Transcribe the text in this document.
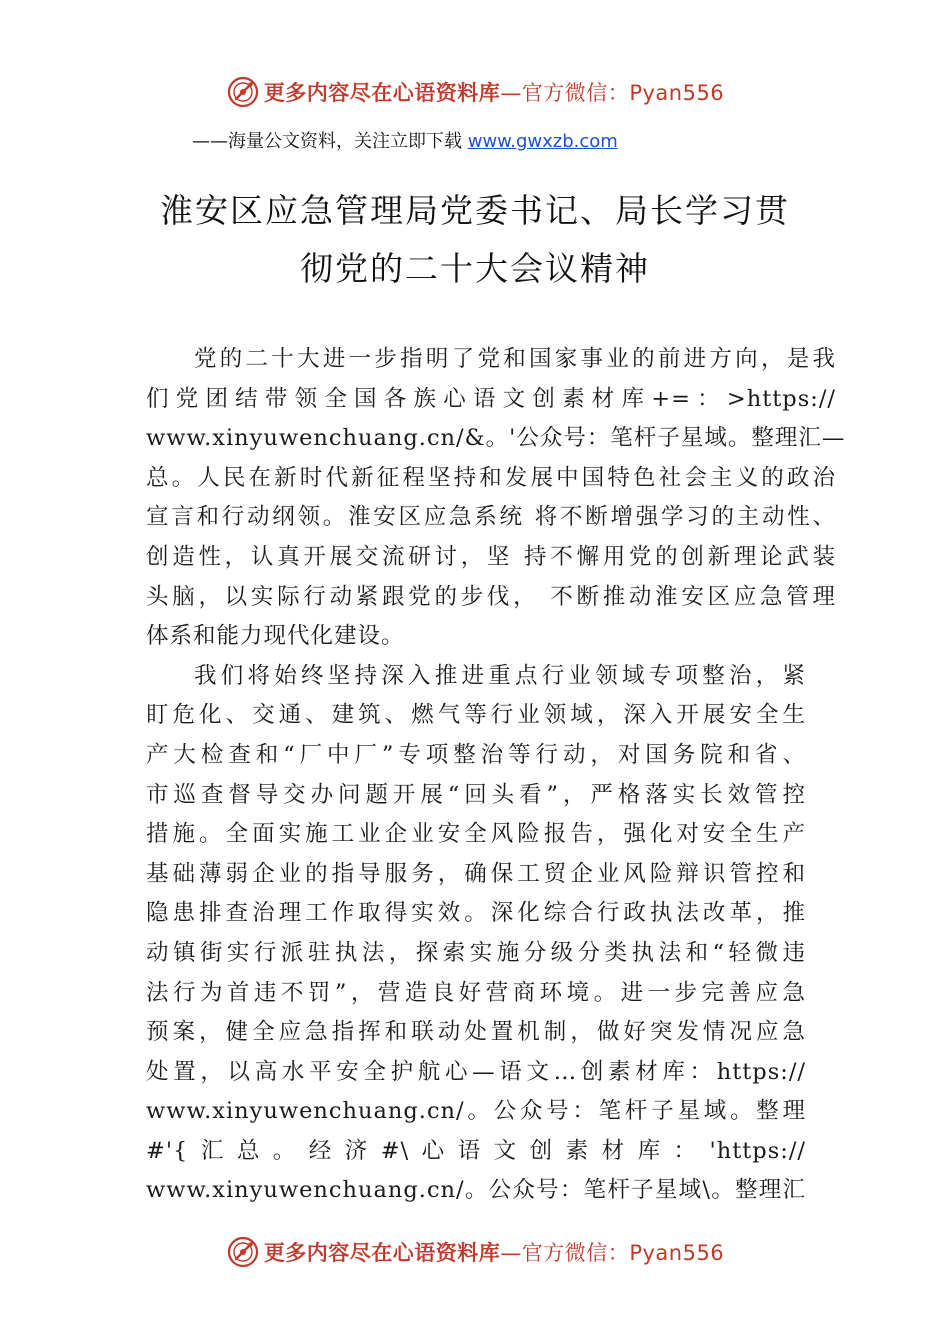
更多内容尽在心语资料库—官方微信：Pyan556
——海量公文资料，关注立即下载 www.gwxzb.com
淮安区应急管理局党委书记、局长学习贯
彻党的二十大会议精神
党的二十大进一步指明了党和国家事业的前进方向，是我
们党团结带领全国各族心语文创素材库+=：>https://
www.xinyuwenchuang.cn/&。'公众号：笔杆子星域。整理汇—
总。人民在新时代新征程坚持和发展中国特色社会主义的政治
宣言和行动纲领。淮安区应急系统 将不断增强学习的主动性、
创造性，认真开展交流研讨，坚 持不懈用党的创新理论武装
头脑，以实际行动紧跟党的步伐， 不断推动淮安区应急管理
体系和能力现代化建设。
我们将始终坚持深入推进重点行业领域专项整治，紧
盯危化、交通、建筑、燃气等行业领域，深入开展安全生
产大检查和“厂中厂”专项整治等行动，对国务院和省、
市巡查督导交办问题开展“回头看”，严格落实长效管控
措施。全面实施工业企业安全风险报告，强化对安全生产
基础薄弱企业的指导服务，确保工贸企业风险辩识管控和
隐患排查治理工作取得实效。深化综合行政执法改革，推
动镇街实行派驻执法，探索实施分级分类执法和“轻微违
法行为首违不罚”，营造良好营商环境。进一步完善应急
预案，健全应急指挥和联动处置机制，做好突发情况应急
处置，以高水平安全护航心—语文…创素材库：https://
www.xinyuwenchuang.cn/。公众号：笔杆子星域。整理
#'{汇总。经济#\心语文创素材库：'https://
www.xinyuwenchuang.cn/。公众号：笔杆子星域\。整理汇
更多内容尽在心语资料库—官方微信：Pyan556
